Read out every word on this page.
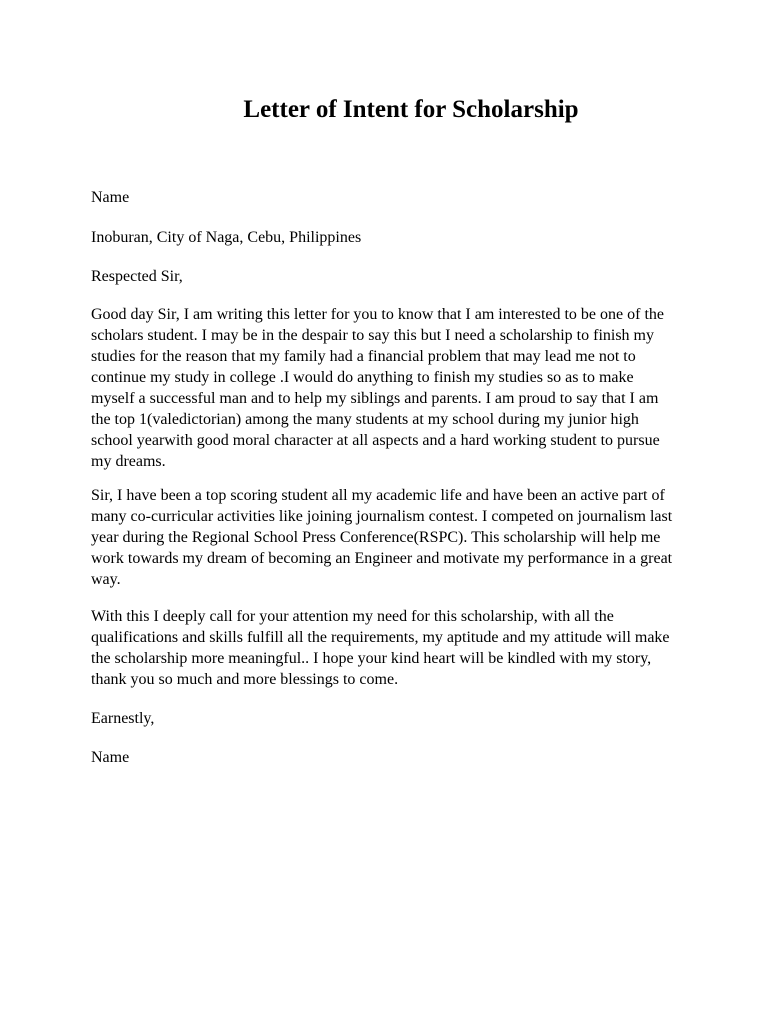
Letter of Intent for Scholarship

Name

Inoburan, City of Naga, Cebu, Philippines

Respected Sir,

Good day Sir, I am writing this letter for you to know that I am interested to be one of the scholars student. I may be in the despair to say this but I need a scholarship to finish my studies for the reason that my family had a financial problem that may lead me not to continue my study in college .I would do anything to finish my studies so as to make myself a successful man and to help my siblings and parents. I am proud to say that I am the top 1(valedictorian) among the many students at my school during my junior high school yearwith good moral character at all aspects and a hard working student to pursue my dreams.

Sir, I have been a top scoring student all my academic life and have been an active part of many co-curricular activities like joining journalism contest. I competed on journalism last year during the Regional School Press Conference(RSPC). This scholarship will help me work towards my dream of becoming an Engineer and motivate my performance in a great way.

With this I deeply call for your attention my need for this scholarship, with all the qualifications and skills fulfill all the requirements, my aptitude and my attitude will make the scholarship more meaningful.. I hope your kind heart will be kindled with my story, thank you so much and more blessings to come.

Earnestly,

Name
